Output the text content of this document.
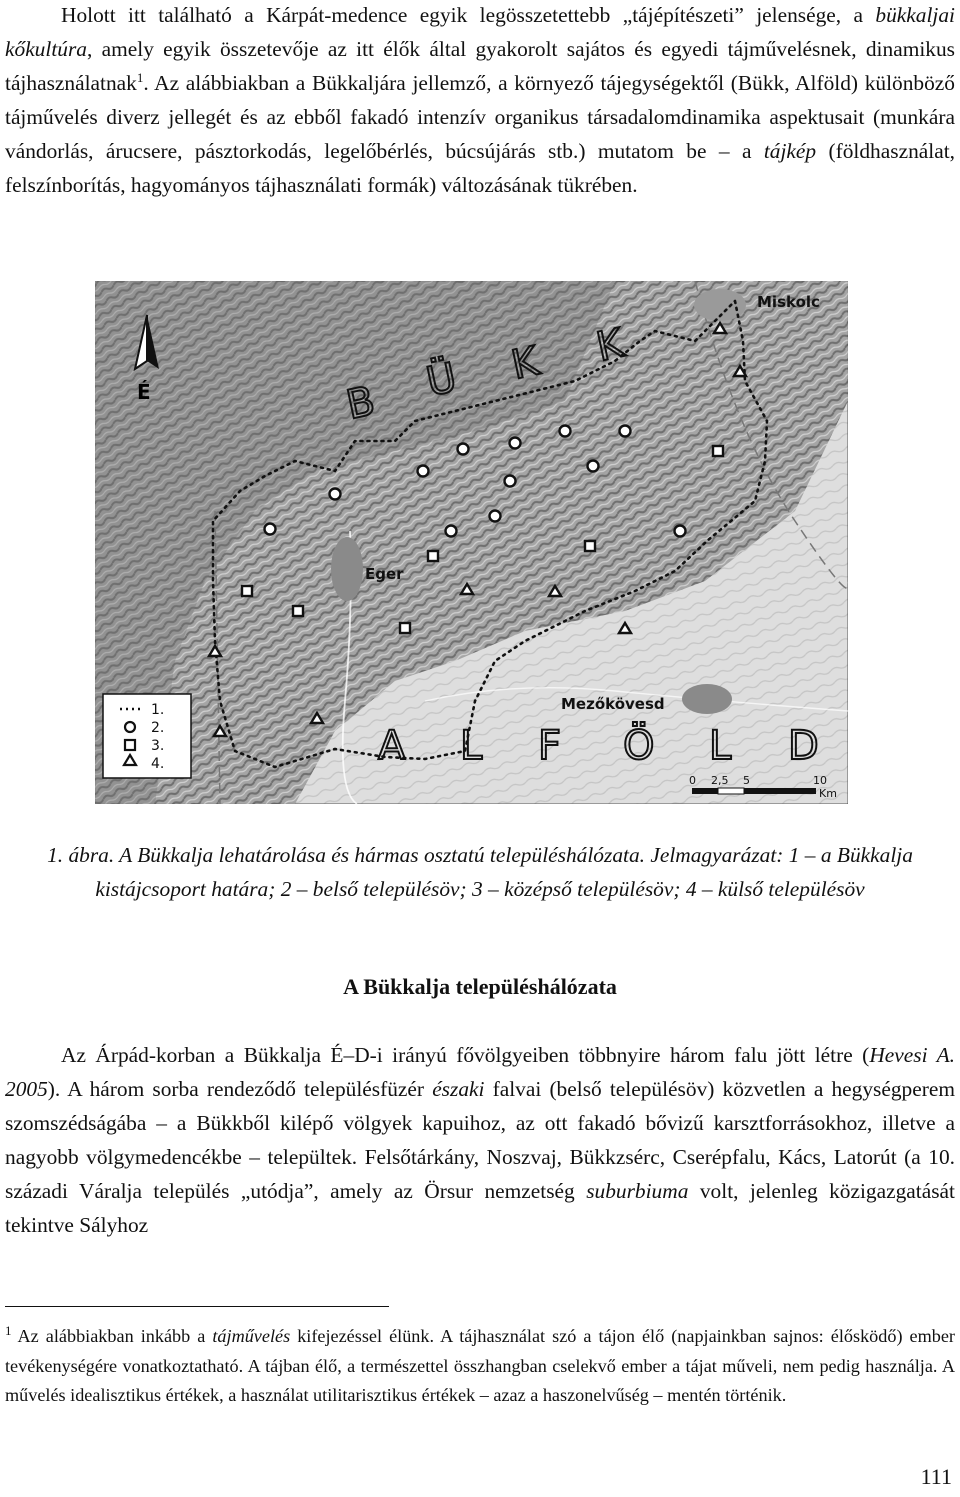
Holott itt található a Kárpát-medence egyik legösszetettebb „tájépítészeti” jelensége, a bükkaljai kőkultúra, amely egyik összetevője az itt élők által gyakorolt sajátos és egyedi tájművelésnek, dinamikus tájhasználatnak$^1$. Az alábbiakban a Bükkaljára jellemző, a környező tájegységektől (Bükk, Alföld) különböző tájművelés diverz jellegét és az ebből fakadó intenzív organikus társadalomdinamika aspektusait (munkára vándorlás, árucsere, pásztorkodás, legelőbérlés, búcsújárás stb.) mutatom be – a tájkép (földhasználat, felszínborítás, hagyományos tájhasználati formák) változásának tükrében.

É	B Ü K K
A L F Ö L D
Miskolc
Eger
Mezőkövesd
1.
2.
3.
4.
0 2,5 5	10
Km

1. ábra. A Bükkalja lehatárolása és hármas osztatú településhálózata. Jelmagyarázat: 1 – a Bükkalja kistájcsoport határa; 2 – belső településöv; 3 – középső településöv; 4 – külső településöv

A Bükkalja településhálózata

Az Árpád-korban a Bükkalja É–D-i irányú fővölgyeiben többnyire három falu jött létre (Hevesi A. 2005). A három sorba rendeződő településfüzér északi falvai (belső településöv) közvetlen a hegységperem szomszédságába – a Bükkből kilépő völgyek kapuihoz, az ott fakadó bővizű karsztforrásokhoz, illetve a nagyobb völgymedencékbe – települtek. Felsőtárkány, Noszvaj, Bükkzsérc, Cserépfalu, Kács, Latorút (a 10. századi Váralja település „utódja”, amely az Örsur nemzetség suburbiuma volt, jelenleg közigazgatását tekintve Sályhoz

$^1$ Az alábbiakban inkább a tájművelés kifejezéssel élünk. A tájhasználat szó a tájon élő (napjainkban sajnos: élősködő) ember tevékenységére vonatkoztatható. A tájban élő, a természettel összhangban cselekvő ember a tájat műveli, nem pedig használja. A művelés idealisztikus értékek, a használat utilitarisztikus értékek – azaz a haszonelvűség – mentén történik.

111
